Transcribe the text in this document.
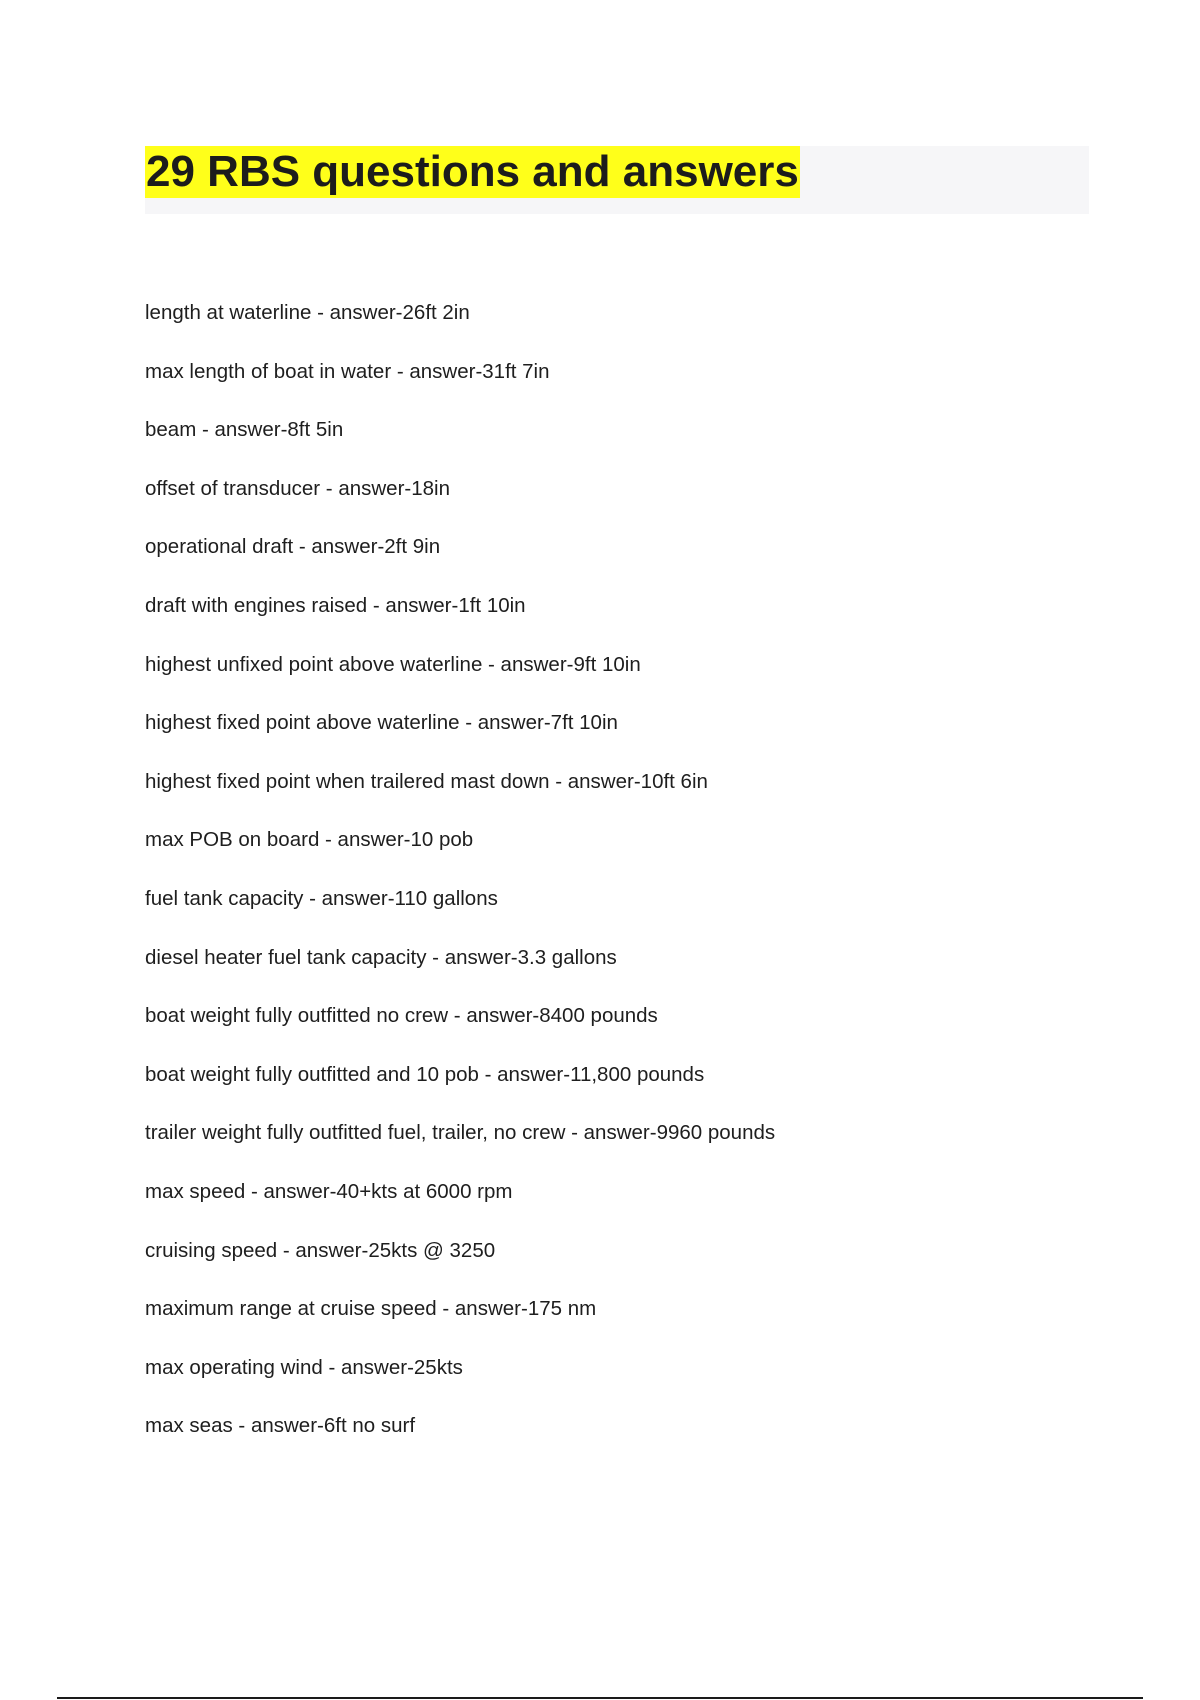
29 RBS questions and answers
length at waterline - answer-26ft 2in
max length of boat in water - answer-31ft 7in
beam - answer-8ft 5in
offset of transducer - answer-18in
operational draft - answer-2ft 9in
draft with engines raised - answer-1ft 10in
highest unfixed point above waterline - answer-9ft 10in
highest fixed point above waterline - answer-7ft 10in
highest fixed point when trailered mast down - answer-10ft 6in
max POB on board - answer-10 pob
fuel tank capacity - answer-110 gallons
diesel heater fuel tank capacity - answer-3.3 gallons
boat weight fully outfitted no crew - answer-8400 pounds
boat weight fully outfitted and 10 pob - answer-11,800 pounds
trailer weight fully outfitted fuel, trailer, no crew - answer-9960 pounds
max speed - answer-40+kts at 6000 rpm
cruising speed - answer-25kts @ 3250
maximum range at cruise speed - answer-175 nm
max operating wind - answer-25kts
max seas - answer-6ft no surf
